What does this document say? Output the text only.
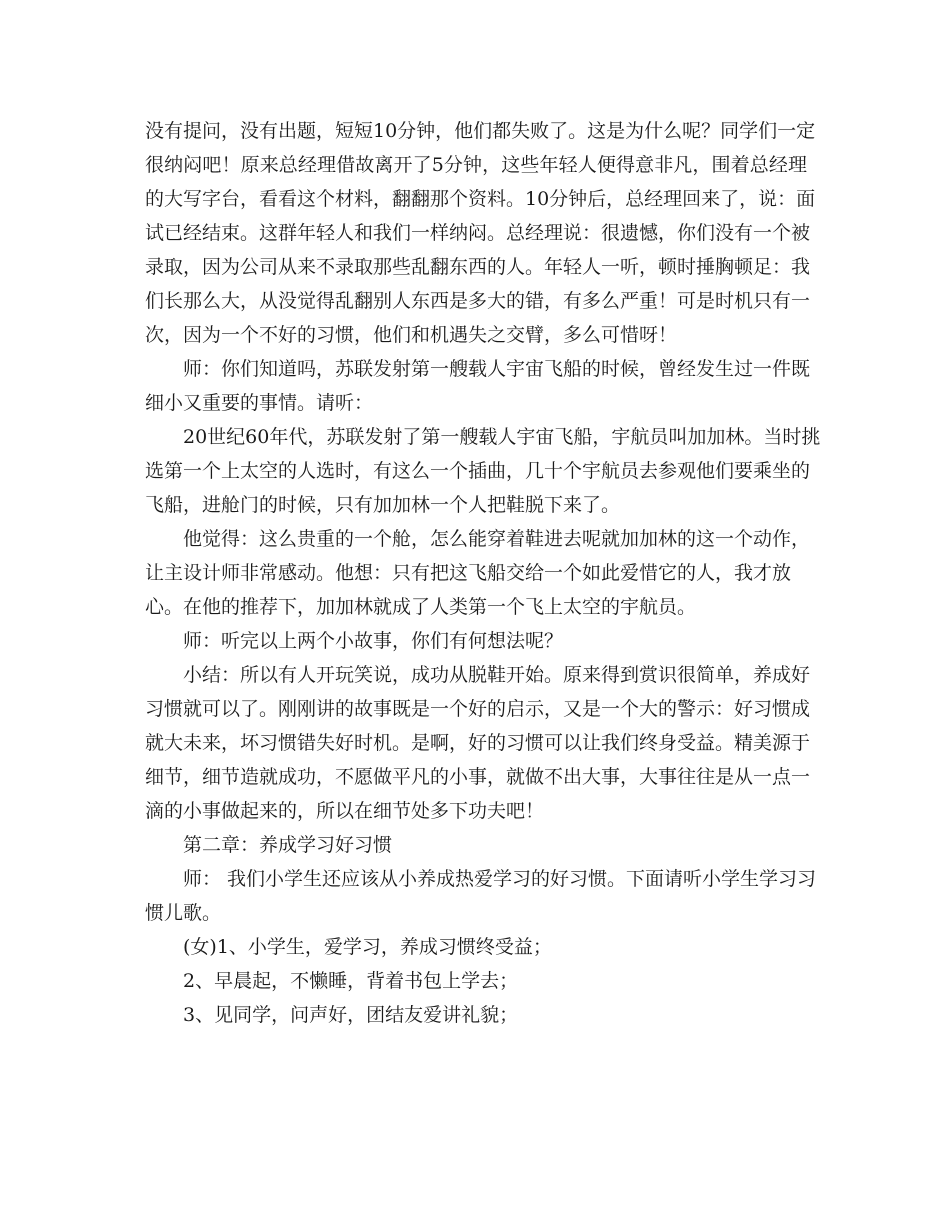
没有提问，没有出题，短短10分钟，他们都失败了。这是为什么呢？同学们一定
很纳闷吧！原来总经理借故离开了5分钟，这些年轻人便得意非凡，围着总经理
的大写字台，看看这个材料，翻翻那个资料。10分钟后，总经理回来了，说：面
试已经结束。这群年轻人和我们一样纳闷。总经理说：很遗憾，你们没有一个被
录取，因为公司从来不录取那些乱翻东西的人。年轻人一听，顿时捶胸顿足：我
们长那么大，从没觉得乱翻别人东西是多大的错，有多么严重！可是时机只有一
次，因为一个不好的习惯，他们和机遇失之交臂，多么可惜呀！
师：你们知道吗，苏联发射第一艘载人宇宙飞船的时候，曾经发生过一件既
细小又重要的事情。请听：
20世纪60年代，苏联发射了第一艘载人宇宙飞船，宇航员叫加加林。当时挑
选第一个上太空的人选时，有这么一个插曲，几十个宇航员去参观他们要乘坐的
飞船，进舱门的时候，只有加加林一个人把鞋脱下来了。
他觉得：这么贵重的一个舱，怎么能穿着鞋进去呢就加加林的这一个动作，
让主设计师非常感动。他想：只有把这飞船交给一个如此爱惜它的人，我才放
心。在他的推荐下，加加林就成了人类第一个飞上太空的宇航员。
师：听完以上两个小故事，你们有何想法呢？
小结：所以有人开玩笑说，成功从脱鞋开始。原来得到赏识很简单，养成好
习惯就可以了。刚刚讲的故事既是一个好的启示，又是一个大的警示：好习惯成
就大未来，坏习惯错失好时机。是啊，好的习惯可以让我们终身受益。精美源于
细节，细节造就成功，不愿做平凡的小事，就做不出大事，大事往往是从一点一
滴的小事做起来的，所以在细节处多下功夫吧！
第二章：养成学习好习惯
师： 我们小学生还应该从小养成热爱学习的好习惯。下面请听小学生学习习
惯儿歌。
(女)1、小学生，爱学习，养成习惯终受益；
2、早晨起，不懒睡，背着书包上学去；
3、见同学，问声好，团结友爱讲礼貌；
